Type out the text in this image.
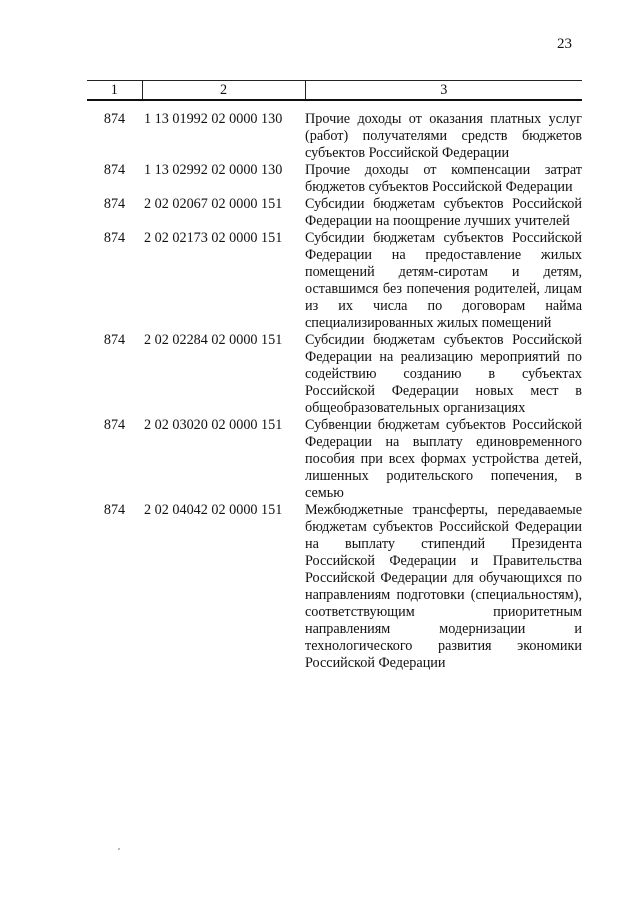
23
1	2	3
874	1 13 01992 02 0000 130	Прочие доходы от оказания платных услуг (работ) получателями средств бюджетов субъектов Российской Федерации
874	1 13 02992 02 0000 130	Прочие доходы от компенсации затрат бюджетов субъектов Российской Федерации
874	2 02 02067 02 0000 151	Субсидии бюджетам субъектов Российской Федерации на поощрение лучших учителей
874	2 02 02173 02 0000 151	Субсидии бюджетам субъектов Российской Федерации на предоставление жилых помещений детям-сиротам и детям, оставшимся без попечения родителей, лицам из их числа по договорам найма специализированных жилых помещений
874	2 02 02284 02 0000 151	Субсидии бюджетам субъектов Российской Федерации на реализацию мероприятий по содействию созданию в субъектах Российской Федерации новых мест в общеобразовательных организациях
874	2 02 03020 02 0000 151	Субвенции бюджетам субъектов Российской Федерации на выплату единовременного пособия при всех формах устройства детей, лишенных родительского попечения, в семью
874	2 02 04042 02 0000 151	Межбюджетные трансферты, передаваемые бюджетам субъектов Российской Федерации на выплату стипендий Президента Российской Федерации и Правительства Российской Федерации для обучающихся по направлениям подготовки (специальностям), соответствующим приоритетным направлениям модернизации и технологического развития экономики Российской Федерации
